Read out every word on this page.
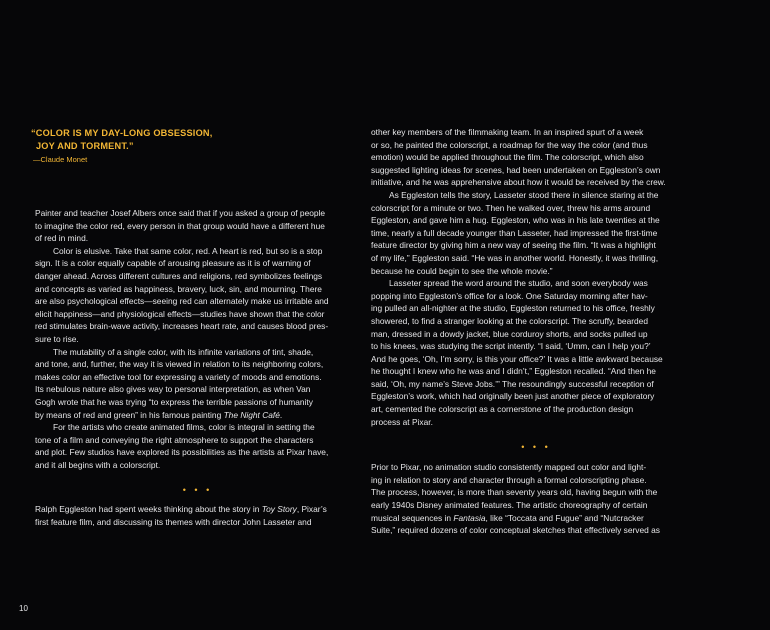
“COLOR IS MY DAY-LONG OBSESSION,
JOY AND TORMENT.”
—Claude Monet

Painter and teacher Josef Albers once said that if you asked a group of people
to imagine the color red, every person in that group would have a different hue
of red in mind.

Color is elusive. Take that same color, red. A heart is red, but so is a stop
sign. It is a color equally capable of arousing pleasure as it is of warning of
danger ahead. Across different cultures and religions, red symbolizes feelings
and concepts as varied as happiness, bravery, luck, sin, and mourning. There
are also psychological effects—seeing red can alternately make us irritable and
elicit happiness—and physiological effects—studies have shown that the color
red stimulates brain-wave activity, increases heart rate, and causes blood pres-
sure to rise.

The mutability of a single color, with its infinite variations of tint, shade,
and tone, and, further, the way it is viewed in relation to its neighboring colors,
makes color an effective tool for expressing a variety of moods and emotions.
Its nebulous nature also gives way to personal interpretation, as when Van
Gogh wrote that he was trying “to express the terrible passions of humanity
by means of red and green” in his famous painting The Night Café.

For the artists who create animated films, color is integral in setting the
tone of a film and conveying the right atmosphere to support the characters
and plot. Few studios have explored its possibilities as the artists at Pixar have,
and it all begins with a colorscript.

• • •

Ralph Eggleston had spent weeks thinking about the story in Toy Story, Pixar’s
first feature film, and discussing its themes with director John Lasseter and

other key members of the filmmaking team. In an inspired spurt of a week
or so, he painted the colorscript, a roadmap for the way the color (and thus
emotion) would be applied throughout the film. The colorscript, which also
suggested lighting ideas for scenes, had been undertaken on Eggleston’s own
initiative, and he was apprehensive about how it would be received by the crew.

As Eggleston tells the story, Lasseter stood there in silence staring at the
colorscript for a minute or two. Then he walked over, threw his arms around
Eggleston, and gave him a hug. Eggleston, who was in his late twenties at the
time, nearly a full decade younger than Lasseter, had impressed the first-time
feature director by giving him a new way of seeing the film. “It was a highlight
of my life,” Eggleston said. “He was in another world. Honestly, it was thrilling,
because he could begin to see the whole movie.”

Lasseter spread the word around the studio, and soon everybody was
popping into Eggleston’s office for a look. One Saturday morning after hav-
ing pulled an all-nighter at the studio, Eggleston returned to his office, freshly
showered, to find a stranger looking at the colorscript. The scruffy, bearded
man, dressed in a dowdy jacket, blue corduroy shorts, and socks pulled up
to his knees, was studying the script intently. “I said, ‘Umm, can I help you?’
And he goes, ‘Oh, I’m sorry, is this your office?’ It was a little awkward because
he thought I knew who he was and I didn’t,” Eggleston recalled. “And then he
said, ‘Oh, my name’s Steve Jobs.’” The resoundingly successful reception of
Eggleston’s work, which had originally been just another piece of exploratory
art, cemented the colorscript as a cornerstone of the production design
process at Pixar.

• • •

Prior to Pixar, no animation studio consistently mapped out color and light-
ing in relation to story and character through a formal colorscripting phase.
The process, however, is more than seventy years old, having begun with the
early 1940s Disney animated features. The artistic choreography of certain
musical sequences in Fantasia, like “Toccata and Fugue” and “Nutcracker
Suite,” required dozens of color conceptual sketches that effectively served as

10
